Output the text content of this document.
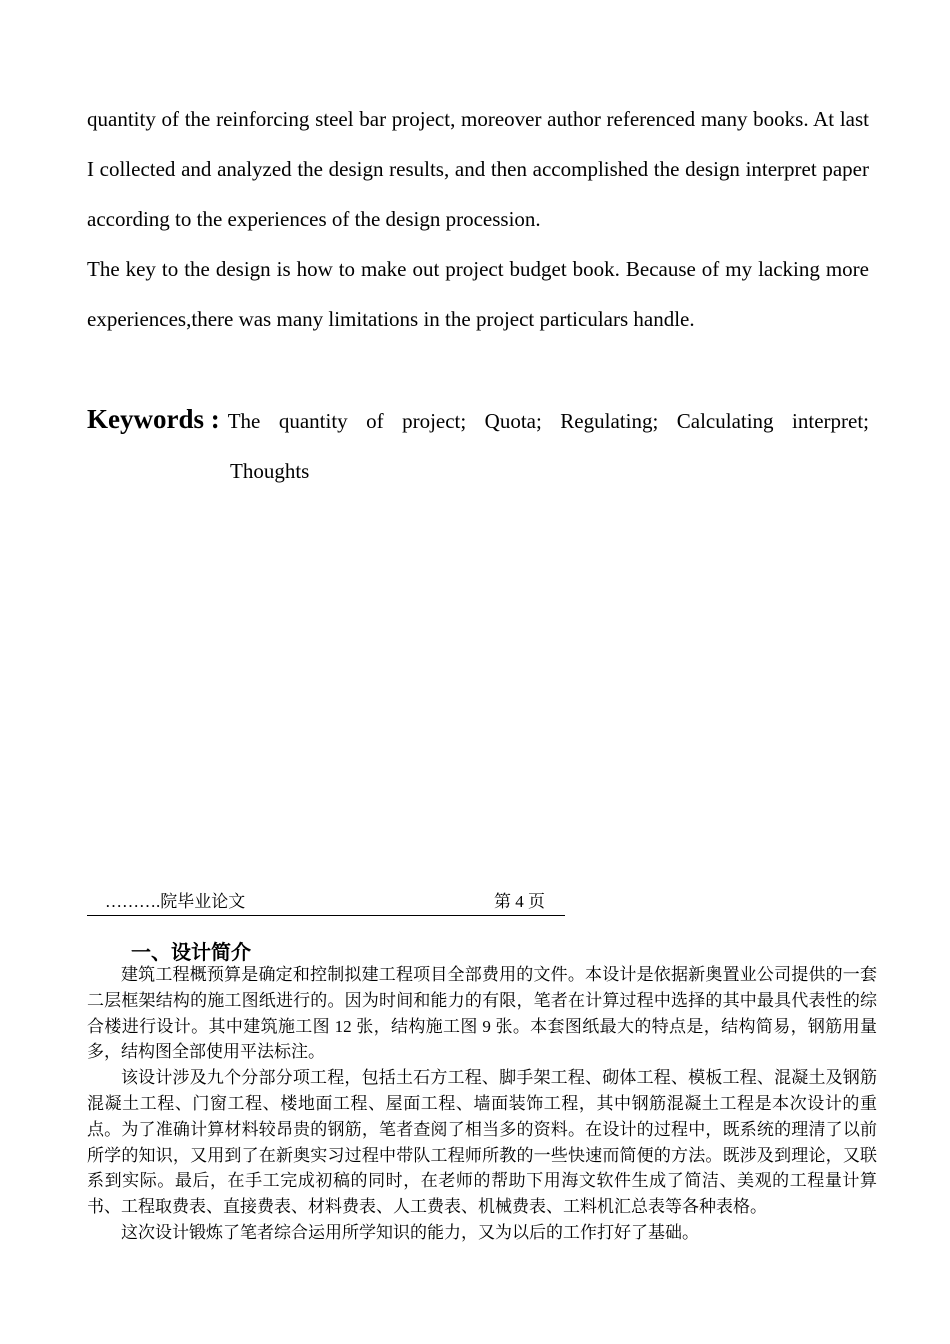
quantity of the reinforcing steel bar project, moreover author referenced many books. At last I collected and analyzed the design results, and then accomplished the design interpret paper according to the experiences of the design procession.

The key to the design is how to make out project budget book. Because of my lacking more experiences,there was many limitations in the project particulars handle.

Keywords : The quantity of project; Quota; Regulating; Calculating interpret;
Thoughts
……….院毕业论文	第 4 页
一、设计简介

建筑工程概预算是确定和控制拟建工程项目全部费用的文件。本设计是依据新奥置业公司提供的一套二层框架结构的施工图纸进行的。因为时间和能力的有限，笔者在计算过程中选择的其中最具代表性的综合楼进行设计。其中建筑施工图 12 张，结构施工图 9 张。本套图纸最大的特点是，结构简易，钢筋用量多，结构图全部使用平法标注。

该设计涉及九个分部分项工程，包括土石方工程、脚手架工程、砌体工程、模板工程、混凝土及钢筋混凝土工程、门窗工程、楼地面工程、屋面工程、墙面装饰工程，其中钢筋混凝土工程是本次设计的重点。为了准确计算材料较昂贵的钢筋，笔者查阅了相当多的资料。在设计的过程中，既系统的理清了以前所学的知识，又用到了在新奥实习过程中带队工程师所教的一些快速而简便的方法。既涉及到理论，又联系到实际。最后，在手工完成初稿的同时，在老师的帮助下用海文软件生成了简洁、美观的工程量计算书、工程取费表、直接费表、材料费表、人工费表、机械费表、工料机汇总表等各种表格。

这次设计锻炼了笔者综合运用所学知识的能力，又为以后的工作打好了基础。
